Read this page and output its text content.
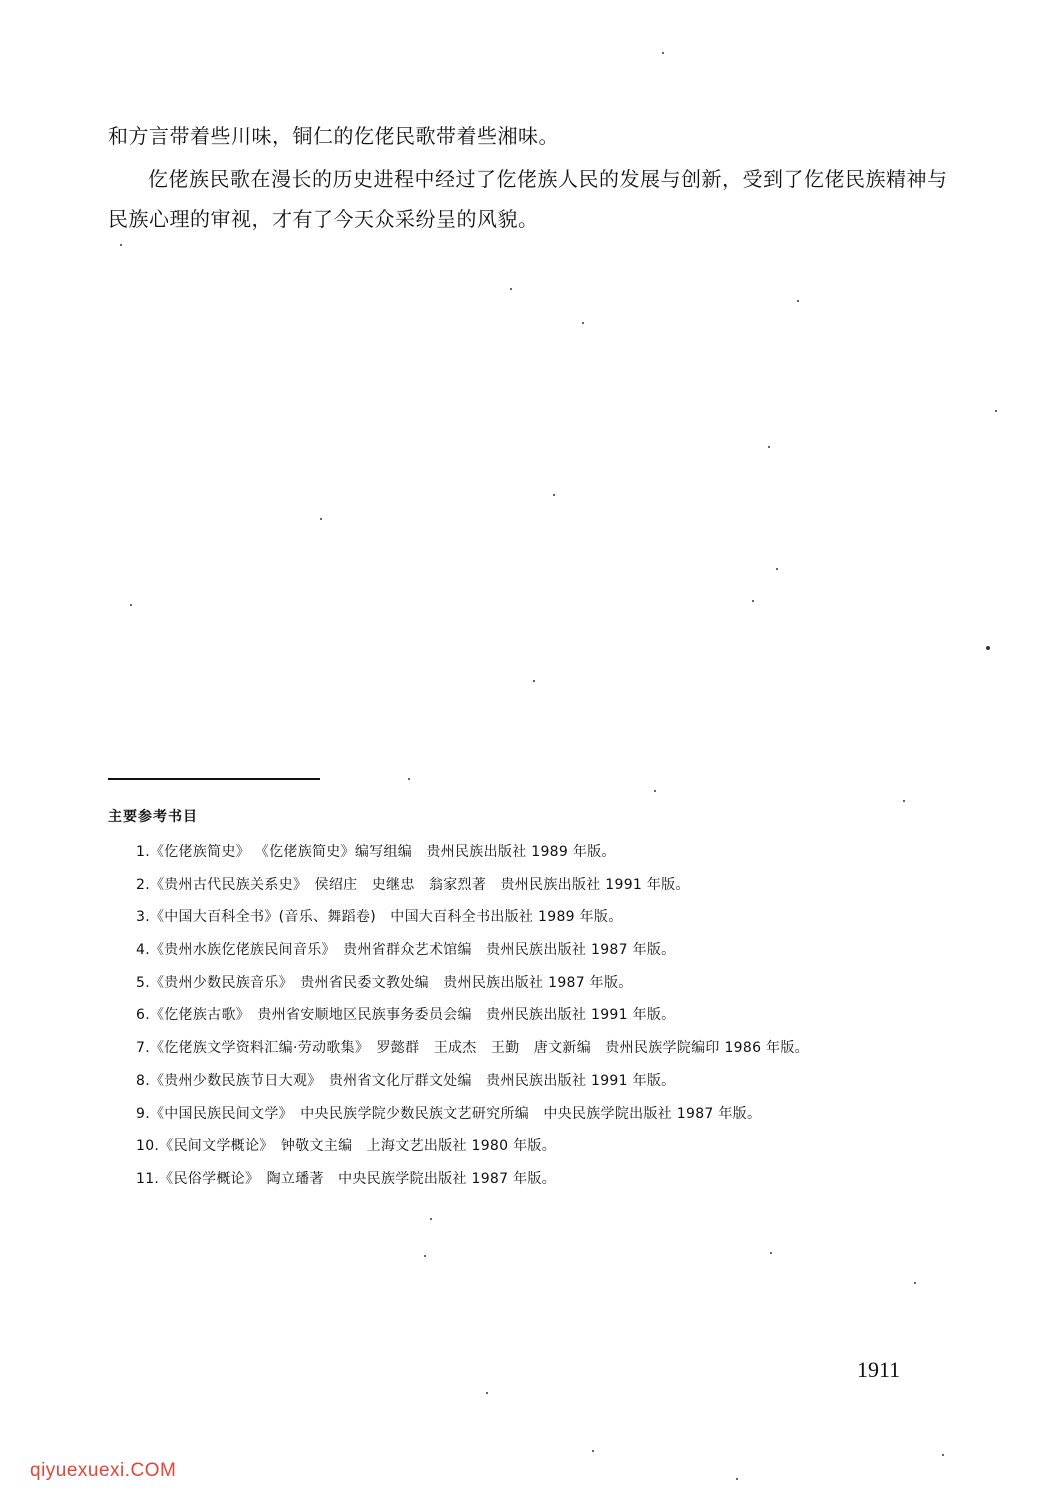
和方言带着些川味，铜仁的仡佬民歌带着些湘味。

仡佬族民歌在漫长的历史进程中经过了仡佬族人民的发展与创新，受到了仡佬民族精神与民族心理的审视，才有了今天众采纷呈的风貌。

主要参考书目

1.《仡佬族简史》 《仡佬族简史》编写组编　贵州民族出版社 1989 年版。
2.《贵州古代民族关系史》　侯绍庄　史继忠　翁家烈著　贵州民族出版社 1991 年版。
3.《中国大百科全书》(音乐、舞蹈卷)　中国大百科全书出版社 1989 年版。
4.《贵州水族仡佬族民间音乐》　贵州省群众艺术馆编　贵州民族出版社 1987 年版。
5.《贵州少数民族音乐》　贵州省民委文教处编　贵州民族出版社 1987 年版。
6.《仡佬族古歌》　贵州省安顺地区民族事务委员会编　贵州民族出版社 1991 年版。
7.《仡佬族文学资料汇编·劳动歌集》　罗懿群　王成杰　王勤　唐文新编　贵州民族学院编印 1986 年版。
8.《贵州少数民族节日大观》　贵州省文化厅群文处编　贵州民族出版社 1991 年版。
9.《中国民族民间文学》　中央民族学院少数民族文艺研究所编　中央民族学院出版社 1987 年版。
10.《民间文学概论》　钟敬文主编　上海文艺出版社 1980 年版。
11.《民俗学概论》　陶立璠著　中央民族学院出版社 1987 年版。

1911

qiyuexuexi.COM
